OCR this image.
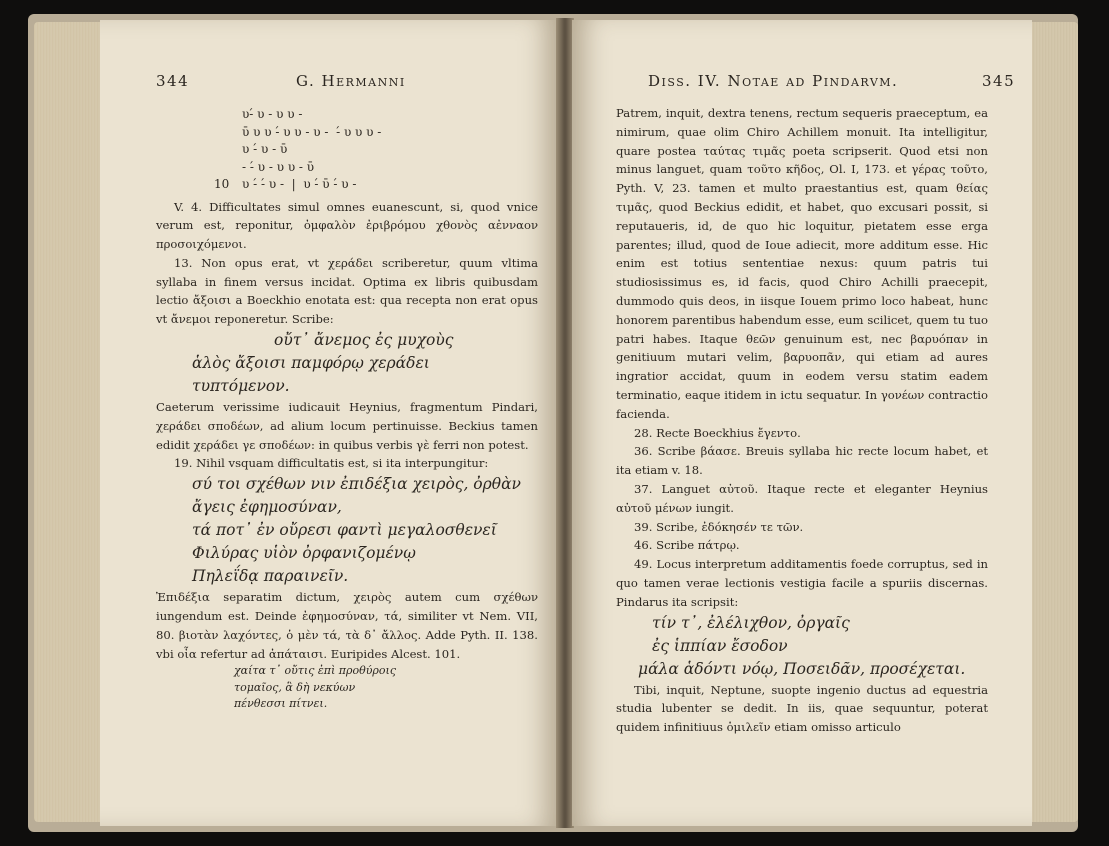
344	G. Hermanni
υ-́ υ - υ υ -
ῡ υ υ -́ υ υ - υ -  -́ υ υ υ -
υ -́ υ - ῡ
- -́ υ - υ υ - ῡ
10 υ -́ -́ υ -  |  υ -́ ῡ -́ υ -

V. 4. Difficultates simul omnes euanescunt, si, quod vnice verum est, reponitur, ὀμφαλὸν ἐριβρόμου χθονὸς αἐνναον προσοιχόμενοι.

13. Non opus erat, vt χεράδει scriberetur, quum vltima syllaba in finem versus incidat. Optima ex libris quibusdam lectio ἄξοισι a Boeckhio enotata est: qua recepta non erat opus vt ἄνεμοι reponeretur. Scribe:

οὔτ᾽ ἄνεμος ἐς μυχοὺς
ἁλὸς ἄξοισι παμφόρῳ χεράδει
τυπτόμενον.

Caeterum verissime iudicauit Heynius, fragmentum Pindari, χεράδει σποδέων, ad alium locum pertinuisse. Beckius tamen edidit χεράδει γε σποδέων: in quibus verbis γὲ ferri non potest.

19. Nihil vsquam difficultatis est, si ita interpungitur:

σύ τοι σχέθων νιν ἐπιδέξια χειρὸς, ὀρθὰν
ἄγεις ἐφημοσύναν,
τά ποτ᾽ ἐν οὔρεσι φαντὶ μεγαλοσθενεῖ
Φιλύρας υἱὸν ὀρφανιζομένῳ
Πηλεΐδᾳ παραινεῖν.

Ἐπιδέξια separatim dictum, χειρὸς autem cum σχέθων iungendum est. Deinde ἐφημοσύναν, τά, similiter vt Nem. VII, 80. βιοτὰν λαχόντες, ὁ μὲν τά, τὰ δ᾽ ἄλλος. Adde Pyth. II. 138. vbi οἷα refertur ad ἀπάταισι. Euripides Alcest. 101.

χαίτα τ᾽ οὔτις ἐπὶ προθύροις
τομαῖος, ἃ δὴ νεκύων
πένθεσσι πίτνει.
Diss. IV. Notae ad Pindarvm.	345

Patrem, inquit, dextra tenens, rectum sequeris praeceptum, ea nimirum, quae olim Chiro Achillem monuit. Ita intelligitur, quare postea ταύτας τιμᾶς poeta scripserit. Quod etsi non minus languet, quam τοῦτο κῆδος, Ol. I, 173. et γέρας τοῦτο, Pyth. V, 23. tamen et multo praestantius est, quam θείας τιμᾶς, quod Beckius edidit, et habet, quo excusari possit, si reputaueris, id, de quo hic loquitur, pietatem esse erga parentes; illud, quod de Ioue adiecit, more additum esse. Hic enim est totius sententiae nexus: quum patris tui studiosissimus es, id facis, quod Chiro Achilli praecepit, dummodo quis deos, in iisque Iouem primo loco habeat, hunc honorem parentibus habendum esse, eum scilicet, quem tu tuo patri habes. Itaque θεῶν genuinum est, nec βαρυόπαν in genitiuum mutari velim, βαρυοπᾶν, qui etiam ad aures ingratior accidat, quum in eodem versu statim eadem terminatio, eaque itidem in ictu sequatur. In γονέων contractio facienda.

28. Recte Boeckhius ἔγεντο.

36. Scribe βάασε. Breuis syllaba hic recte locum habet, et ita etiam v. 18.

37. Languet αὐτοῦ. Itaque recte et eleganter Heynius αὐτοῦ μένων iungit.

39. Scribe, ἐδόκησέν τε τῶν.

46. Scribe πάτρῳ.

49. Locus interpretum additamentis foede corruptus, sed in quo tamen verae lectionis vestigia facile a spuriis discernas. Pindarus ita scripsit:

τίν τ᾽, ἐλέλιχθον, ὀργαῖς
ἐς ἱππίαν ἔσοδον
μάλα ἁδόντι νόῳ, Ποσειδᾶν, προσέχεται.

Tibi, inquit, Neptune, suopte ingenio ductus ad equestria studia lubenter se dedit. In iis, quae sequuntur, poterat quidem infinitiuus ὁμιλεῖν etiam omisso articulo
